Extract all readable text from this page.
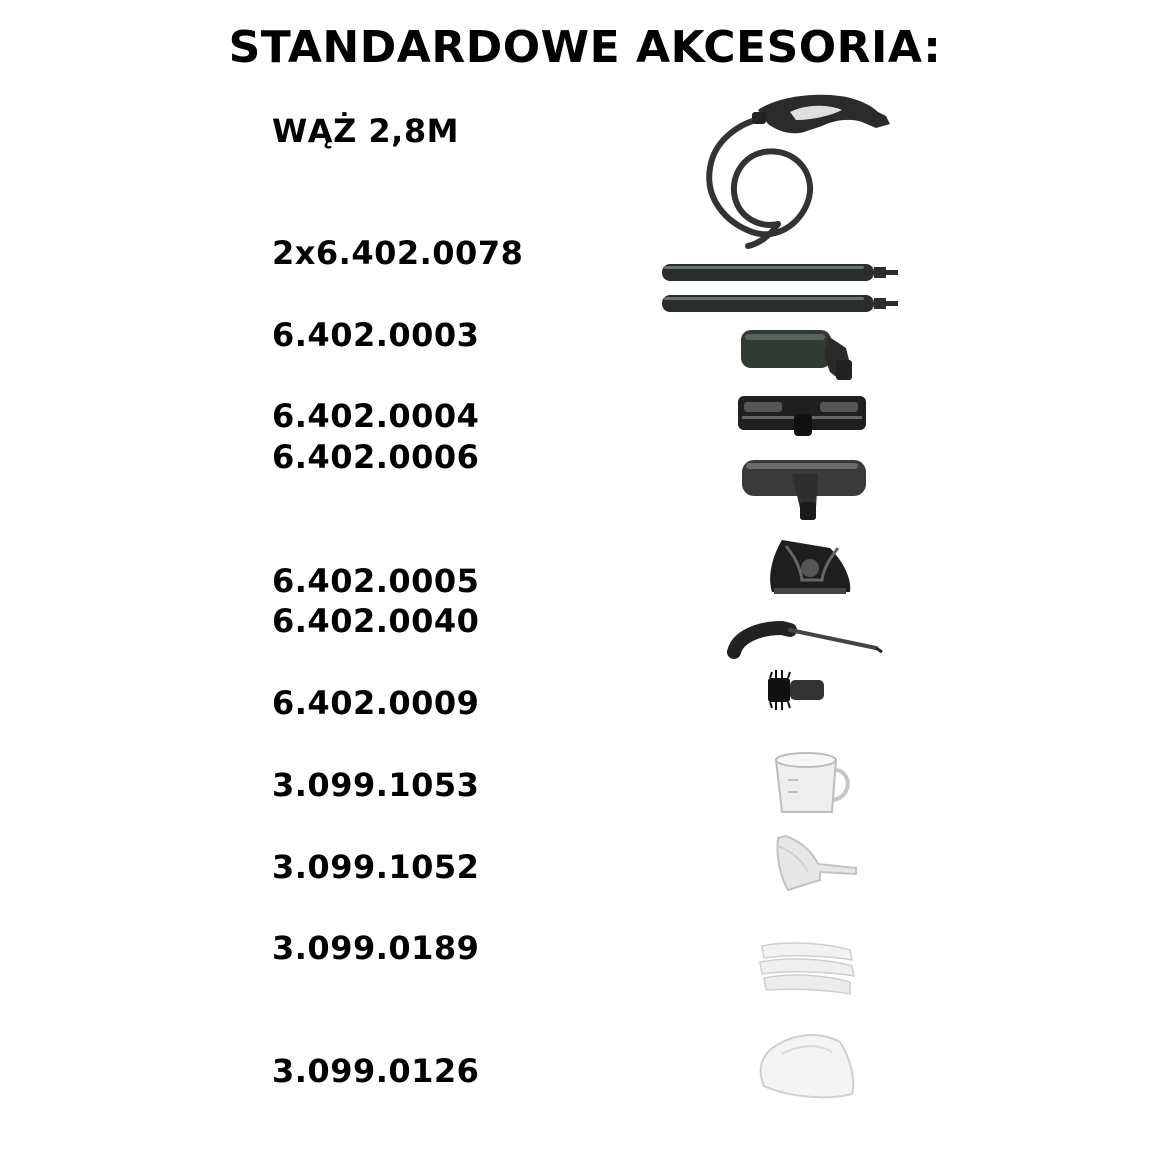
STANDARDOWE AKCESORIA:
WĄŻ 2,8M
2x6.402.0078
6.402.0003
6.402.0004
6.402.0006
6.402.0005
6.402.0040
6.402.0009
3.099.1053
3.099.1052
3.099.0189
3.099.0126
